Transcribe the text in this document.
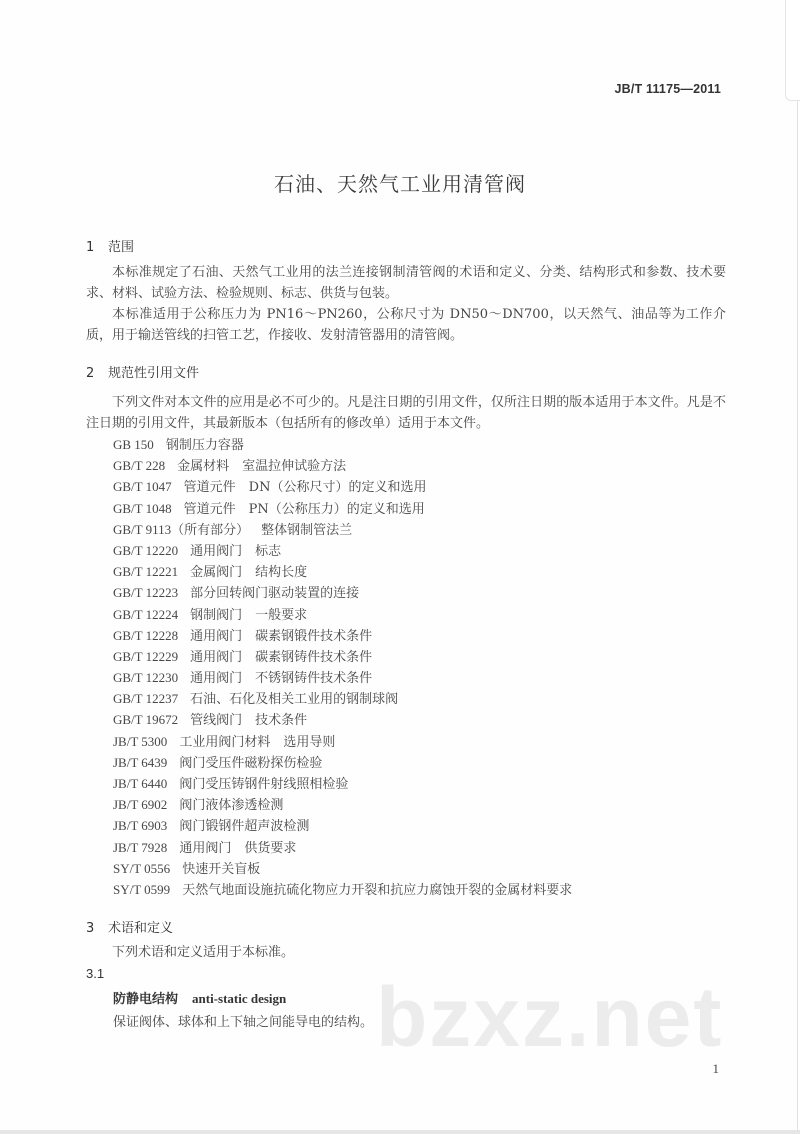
bzxz.net
JB/T 11175—2011
石油、天然气工业用清管阀
1 范围

本标准规定了石油、天然气工业用的法兰连接钢制清管阀的术语和定义、分类、结构形式和参数、技术要求、材料、试验方法、检验规则、标志、供货与包装。

本标准适用于公称压力为 PN16～PN260，公称尺寸为 DN50～DN700，以天然气、油品等为工作介质，用于输送管线的扫管工艺，作接收、发射清管器用的清管阀。

2 规范性引用文件

下列文件对本文件的应用是必不可少的。凡是注日期的引用文件，仅所注日期的版本适用于本文件。凡是不注日期的引用文件，其最新版本（包括所有的修改单）适用于本文件。

GB 150 钢制压力容器
GB/T 228 金属材料　室温拉伸试验方法
GB/T 1047 管道元件　DN（公称尺寸）的定义和选用
GB/T 1048 管道元件　PN（公称压力）的定义和选用
GB/T 9113（所有部分） 整体钢制管法兰
GB/T 12220 通用阀门　标志
GB/T 12221 金属阀门　结构长度
GB/T 12223 部分回转阀门驱动装置的连接
GB/T 12224 钢制阀门　一般要求
GB/T 12228 通用阀门　碳素钢锻件技术条件
GB/T 12229 通用阀门　碳素钢铸件技术条件
GB/T 12230 通用阀门　不锈钢铸件技术条件
GB/T 12237 石油、石化及相关工业用的钢制球阀
GB/T 19672 管线阀门　技术条件
JB/T 5300 工业用阀门材料　选用导则
JB/T 6439 阀门受压件磁粉探伤检验
JB/T 6440 阀门受压铸钢件射线照相检验
JB/T 6902 阀门液体渗透检测
JB/T 6903 阀门锻钢件超声波检测
JB/T 7928 通用阀门　供货要求
SY/T 0556 快速开关盲板
SY/T 0599 天然气地面设施抗硫化物应力开裂和抗应力腐蚀开裂的金属材料要求
3 术语和定义

下列术语和定义适用于本标准。

3.1
防静电结构 anti-static design
保证阀体、球体和上下轴之间能导电的结构。
1
